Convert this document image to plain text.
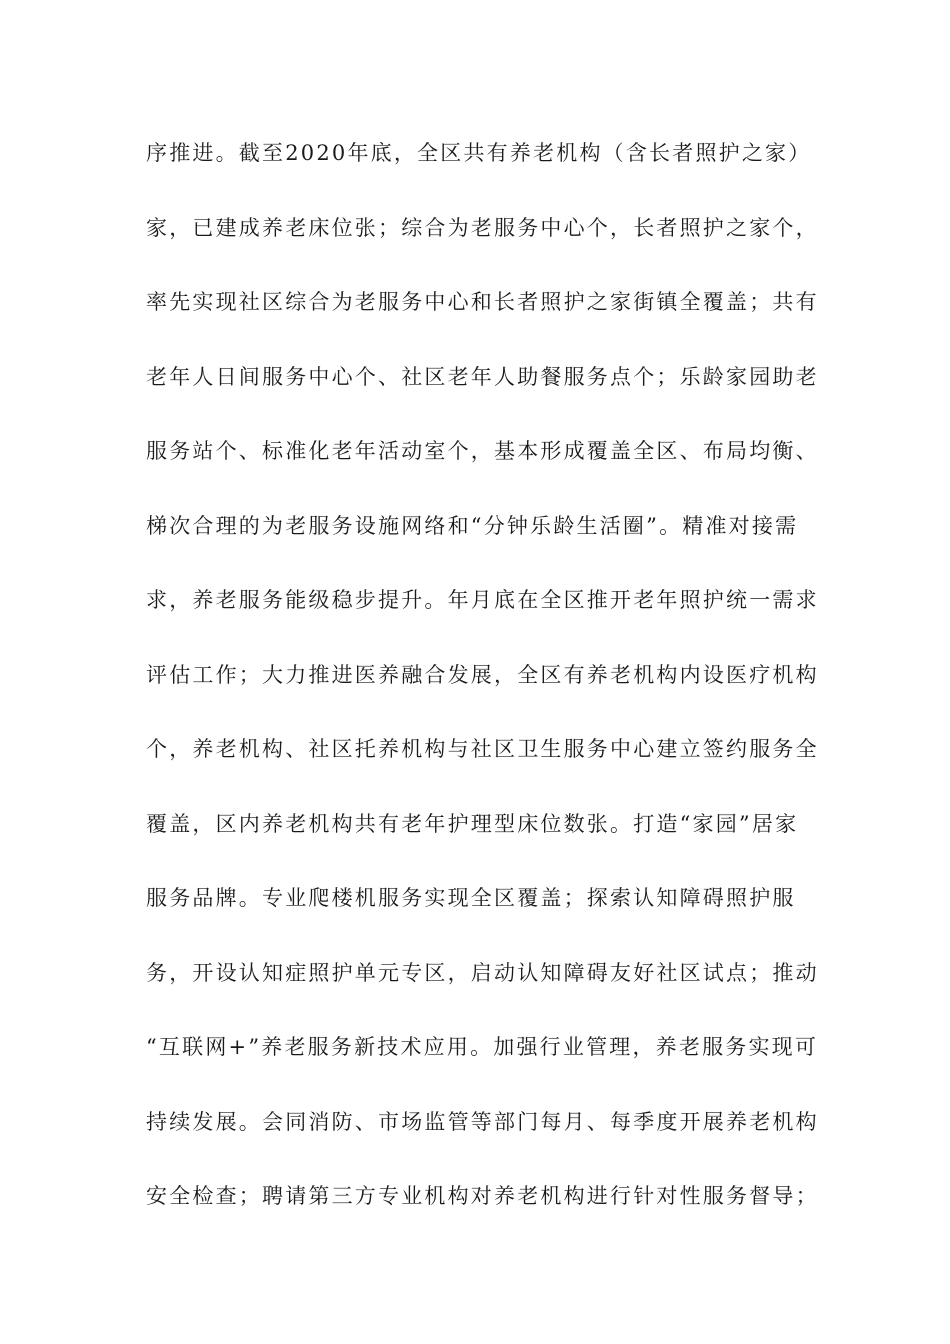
序推进。截至2020年底，全区共有养老机构（含长者照护之家）
家，已建成养老床位张；综合为老服务中心个，长者照护之家个，
率先实现社区综合为老服务中心和长者照护之家街镇全覆盖；共有
老年人日间服务中心个、社区老年人助餐服务点个；乐龄家园助老
服务站个、标准化老年活动室个，基本形成覆盖全区、布局均衡、
梯次合理的为老服务设施网络和“分钟乐龄生活圈”。精准对接需
求，养老服务能级稳步提升。年月底在全区推开老年照护统一需求
评估工作；大力推进医养融合发展，全区有养老机构内设医疗机构
个，养老机构、社区托养机构与社区卫生服务中心建立签约服务全
覆盖，区内养老机构共有老年护理型床位数张。打造“家园”居家
服务品牌。专业爬楼机服务实现全区覆盖；探索认知障碍照护服
务，开设认知症照护单元专区，启动认知障碍友好社区试点；推动
“互联网+”养老服务新技术应用。加强行业管理，养老服务实现可
持续发展。会同消防、市场监管等部门每月、每季度开展养老机构
安全检查；聘请第三方专业机构对养老机构进行针对性服务督导；
